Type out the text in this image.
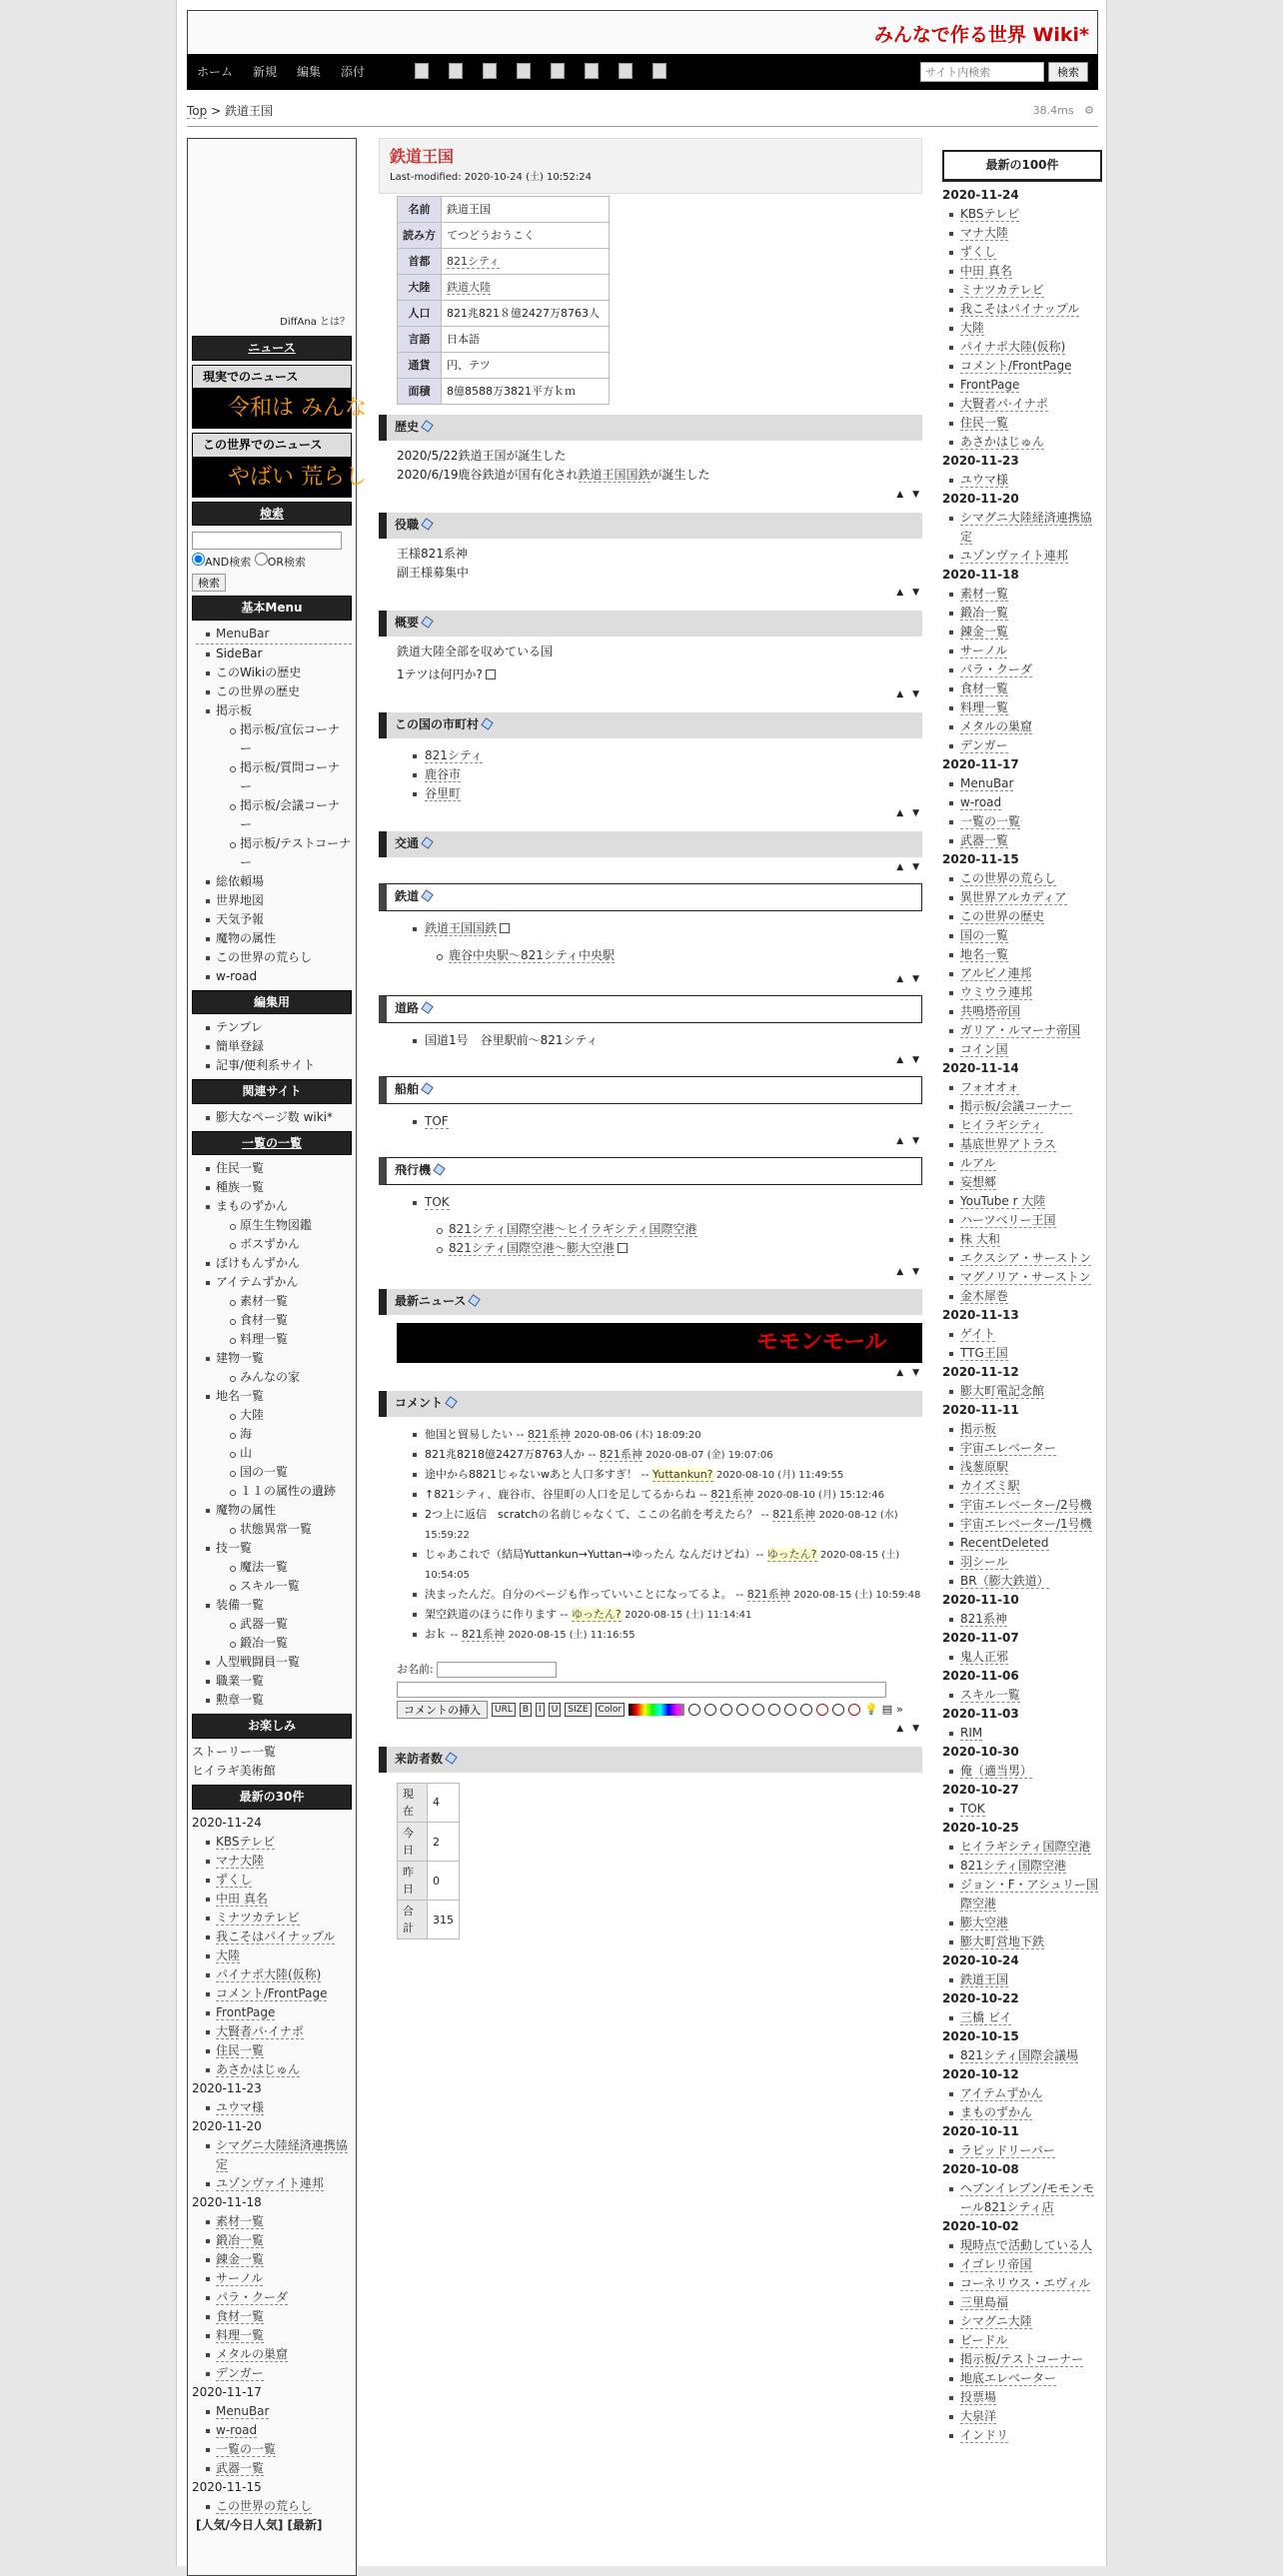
みんなで作る世界 Wiki*
ホーム 新規 編集 添付
サイト内検索	検索
Top > 鉄道王国	38.4ms ⚙
DiffAna とは？
ニュース
現実でのニュース
令和は みんな
この世界でのニュース
やばい 荒らし
検索
AND検索 OR検索
検索
基本Menu
MenuBar
SideBar
このWikiの歴史
この世界の歴史
掲示板
掲示板/宣伝コーナー
掲示板/質問コーナー
掲示板/会議コーナー
掲示板/テストコーナー
総依頼場
世界地図
天気予報
魔物の属性
この世界の荒らし
w-road
編集用
テンプレ
簡単登録
記事/便利系サイト
関連サイト
膨大なページ数 wiki*
一覧の一覧
住民一覧
種族一覧
まものずかん
原生生物図鑑
ボスずかん
ぼけもんずかん
アイテムずかん
素材一覧
食材一覧
料理一覧
建物一覧
みんなの家
地名一覧
大陸
海
山
国の一覧
１１の属性の遺跡
魔物の属性
状態異常一覧
技一覧
魔法一覧
スキル一覧
装備一覧
武器一覧
鍛冶一覧
人型戦闘員一覧
職業一覧
勲章一覧
お楽しみ
ストーリー一覧
ヒイラギ美術館
最新の30件
2020-11-24
KBSテレビ
マナ大陸
ずくし
中田 真名
ミナツカテレビ
我こそはパイナップル
大陸
パイナポ大陸(仮称)
コメント/FrontPage
FrontPage
大賢者パ·イナポ
住民一覧
あさかはじゅん
2020-11-23
ユウマ様
2020-11-20
シマグニ大陸経済連携協定
ユゾンヴァイト連邦
2020-11-18
素材一覧
鍛冶一覧
錬金一覧
サーノル
パラ・クーダ
食材一覧
料理一覧
メタルの巣窟
デンガー
2020-11-17
MenuBar
w-road
一覧の一覧
武器一覧
2020-11-15
この世界の荒らし
[人気/今日人気] [最新]
鉄道王国
Last-modified: 2020-10-24 (土) 10:52:24
名前	鉄道王国
読み方	てつどうおうこく
首都	821シティ
大陸	鉄道大陸
人口	821兆821８億2427万8763人
言語	日本語
通貨	円、テツ
面積	8億8588万3821平方ｋｍ
歴史

2020/5/22鉄道王国が誕生した
2020/6/19鹿谷鉄道が国有化され鉄道王国国鉄が誕生した

▲ ▼
役職

王様821系神
副王様募集中

▲ ▼
概要

鉄道大陸全部を収めている国

1テツは何円か?

▲ ▼
この国の市町村
821シティ
鹿谷市
谷里町
▲ ▼
交通
▲ ▼
鉄道
鉄道王国国鉄
鹿谷中央駅～821シティ中央駅
▲ ▼
道路
国道1号　谷里駅前～821シティ
▲ ▼
船舶
TOF
▲ ▼
飛行機
TOK
821シティ国際空港～ヒイラギシティ国際空港
821シティ国際空港～膨大空港
▲ ▼
最新ニュース
モモンモール
▲ ▼
コメント
他国と貿易したい -- 821系神 2020-08-06 (木) 18:09:20
821兆8218億2427万8763人か -- 821系神 2020-08-07 (金) 19:07:06
途中から8821じゃないwあと人口多すぎ！ -- Yuttankun? 2020-08-10 (月) 11:49:55
↑821シティ、鹿谷市、谷里町の人口を足してるからね -- 821系神 2020-08-10 (月) 15:12:46
2つ上に返信　scratchの名前じゃなくて、ここの名前を考えたら？ -- 821系神 2020-08-12 (水) 15:59:22
じゃあこれで（結局Yuttankun→Yuttan→ゆったん なんだけどね）-- ゆったん? 2020-08-15 (土) 10:54:05
決まったんだ。自分のページも作っていいことになってるよ。 -- 821系神 2020-08-15 (土) 10:59:48
架空鉄道のほうに作ります -- ゆったん? 2020-08-15 (土) 11:14:41
おｋ -- 821系神 2020-08-15 (土) 11:16:55
お名前:
コメントの挿入	URL	B	I	U	SIZE	Color	💡 ▤ »
▲ ▼
来訪者数
現在	4
今日	2
昨日	0
合計	315
最新の100件
2020-11-24
KBSテレビ
マナ大陸
ずくし
中田 真名
ミナツカテレビ
我こそはパイナップル
大陸
パイナポ大陸(仮称)
コメント/FrontPage
FrontPage
大賢者パ·イナポ
住民一覧
あさかはじゅん
2020-11-23
ユウマ様
2020-11-20
シマグニ大陸経済連携協定
ユゾンヴァイト連邦
2020-11-18
素材一覧
鍛冶一覧
錬金一覧
サーノル
パラ・クーダ
食材一覧
料理一覧
メタルの巣窟
デンガー
2020-11-17
MenuBar
w-road
一覧の一覧
武器一覧
2020-11-15
この世界の荒らし
異世界アルカディア
この世界の歴史
国の一覧
地名一覧
アルビノ連邦
ウミウラ連邦
共鳴塔帝国
ガリア・ルマーナ帝国
コイン国
2020-11-14
フォオオォ
掲示板/会議コーナー
ヒイラギシティ
基底世界アトラス
ルアル
妄想郷
YouTube r 大陸
ハーツベリー王国
株 大和
エクスシア・サーストン
マグノリア・サーストン
金木犀巻
2020-11-13
ゲイト
TTG王国
2020-11-12
膨大町電記念館
2020-11-11
掲示板
宇宙エレベーター
浅葱原駅
カイズミ駅
宇宙エレベーター/2号機
宇宙エレベーター/1号機
RecentDeleted
羽シール
BR（膨大鉄道）
2020-11-10
821系神
2020-11-07
鬼人正邪
2020-11-06
スキル一覧
2020-11-03
RIM
2020-10-30
俺（適当男）
2020-10-27
TOK
2020-10-25
ヒイラギシティ国際空港
821シティ国際空港
ジョン・F・アシュリー国際空港
膨大空港
膨大町営地下鉄
2020-10-24
鉄道王国
2020-10-22
三橋 ビイ
2020-10-15
821シティ国際会議場
2020-10-12
アイテムずかん
まものずかん
2020-10-11
ラピッドリーバー
2020-10-08
ヘブンイレブン/モモンモール821シティ店
2020-10-02
現時点で活動している人
イゴレリ帝国
コーネリウス・エヴィル
三里島福
シマグニ大陸
ビードル
掲示板/テストコーナー
地底エレベーター
投票場
大泉洋
インドリ
